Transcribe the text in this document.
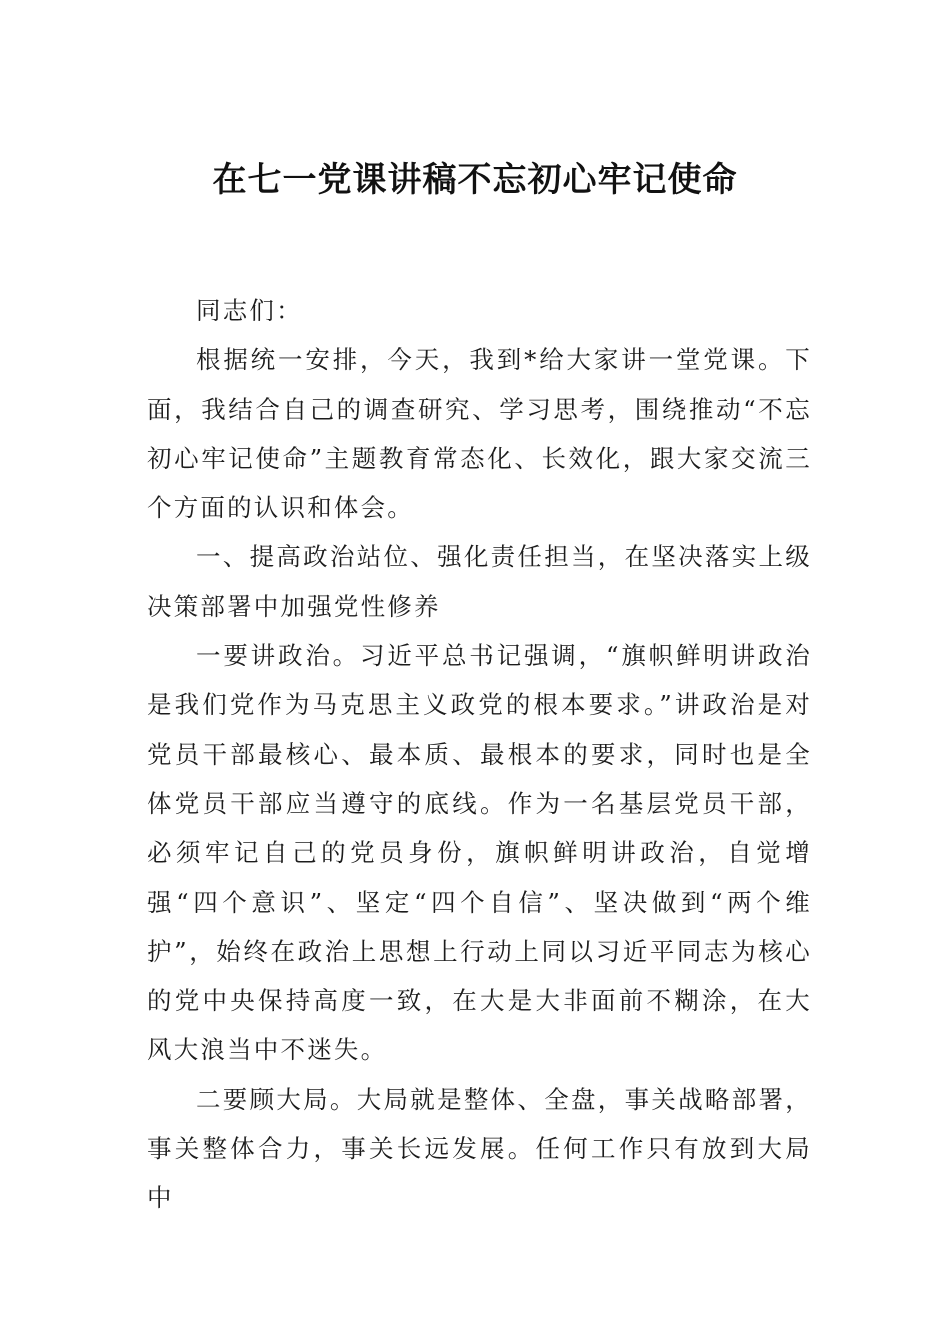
在七一党课讲稿不忘初心牢记使命

同志们：

根据统一安排，今天，我到*给大家讲一堂党课。下面，我结合自己的调查研究、学习思考，围绕推动“不忘初心牢记使命”主题教育常态化、长效化，跟大家交流三个方面的认识和体会。

一、提高政治站位、强化责任担当，在坚决落实上级决策部署中加强党性修养

一要讲政治。习近平总书记强调，“旗帜鲜明讲政治是我们党作为马克思主义政党的根本要求。”讲政治是对党员干部最核心、最本质、最根本的要求，同时也是全体党员干部应当遵守的底线。作为一名基层党员干部，必须牢记自己的党员身份，旗帜鲜明讲政治，自觉增强“四个意识”、坚定“四个自信”、坚决做到“两个维护”，始终在政治上思想上行动上同以习近平同志为核心的党中央保持高度一致，在大是大非面前不糊涂，在大风大浪当中不迷失。

二要顾大局。大局就是整体、全盘，事关战略部署，事关整体合力，事关长远发展。任何工作只有放到大局中
